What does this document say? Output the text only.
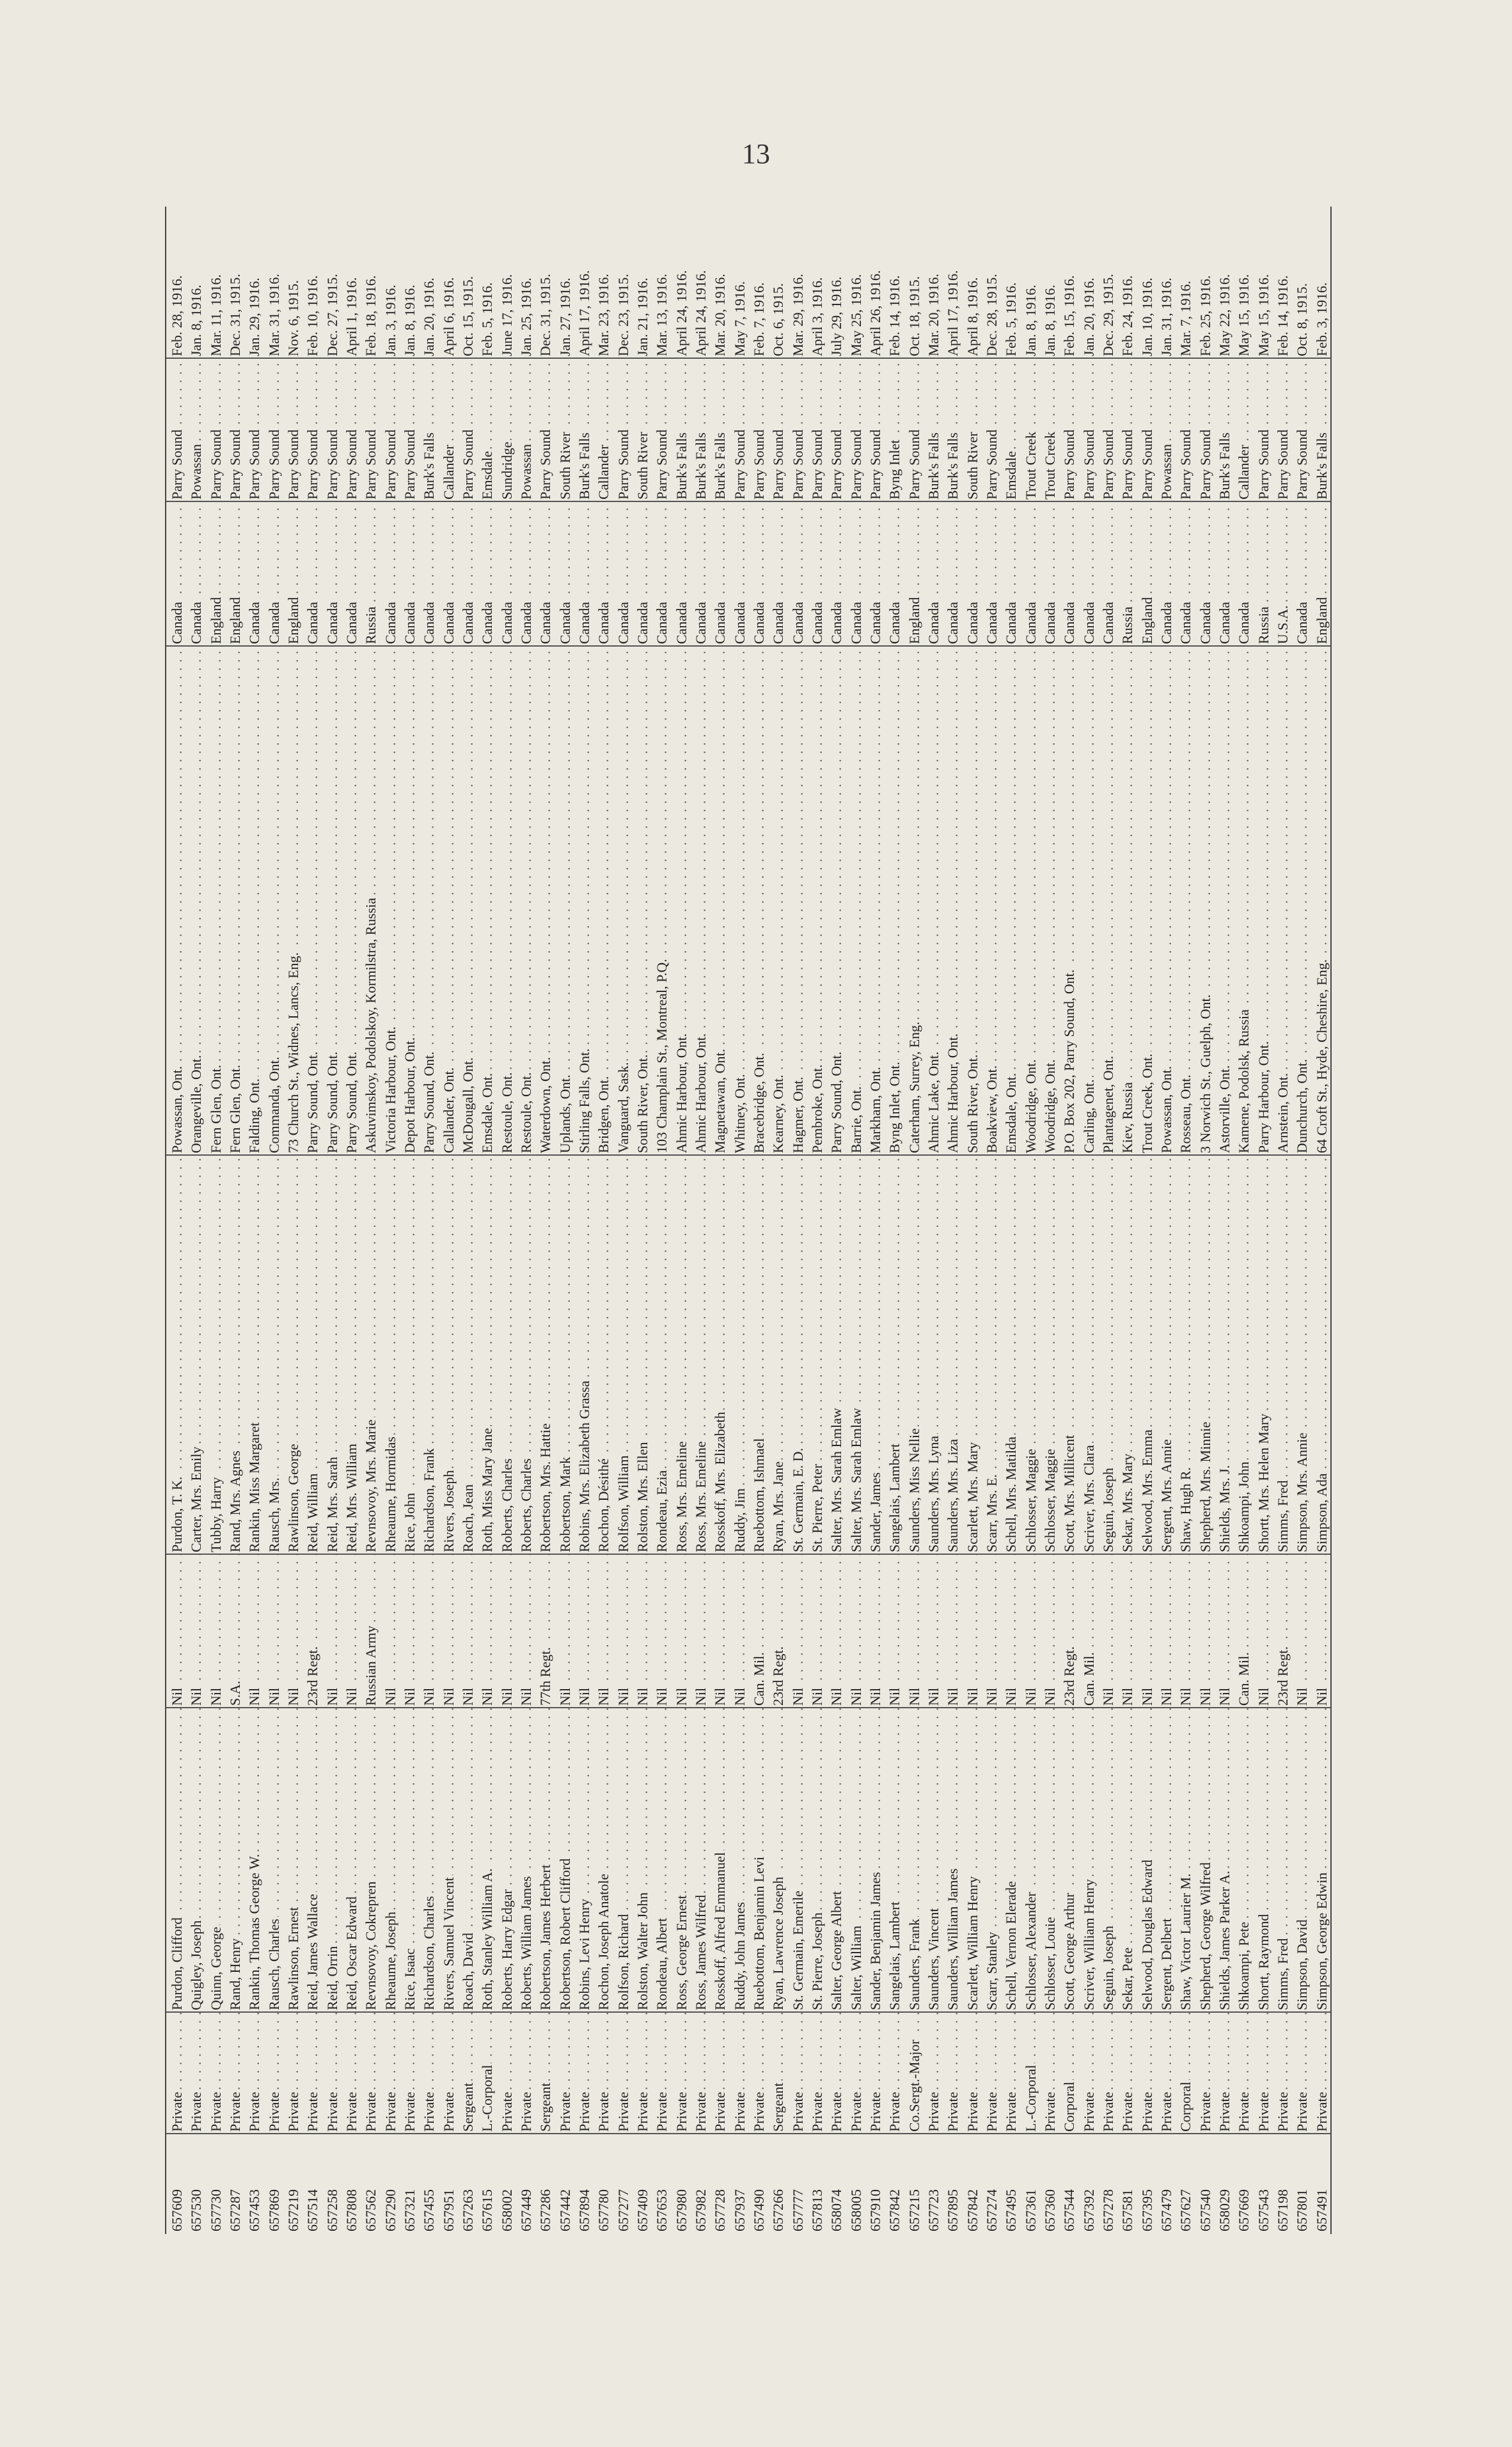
13
657609
Private . . .
Purdon, Clifford . . .
Nil . . .
Purdon, T. K. . . .
Powassan, Ont. . . .
Canada . . .
Parry Sound . . .
Feb. 28, 1916.
657530
Private . . .
Quigley, Joseph . . .
Nil . . .
Carter, Mrs. Emily . . .
Orangeville, Ont. . . .
Canada . . .
Powassan . . .
Jan. 8, 1916.
657730
Private . . .
Quinn, George . . .
Nil . . .
Tubby, Harry . . .
Fern Glen, Ont. . . .
England . . .
Parry Sound . . .
Mar. 11, 1916.
657287
Private . . .
Rand, Henry . . .
S.A. . . .
Rand, Mrs. Agnes . . .
Fern Glen, Ont. . . .
England . . .
Parry Sound . . .
Dec. 31, 1915.
657453
Private . . .
Rankin, Thomas George W. . . .
Nil . . .
Rankin, Miss Margaret . . .
Falding, Ont. . . .
Canada . . .
Parry Sound . . .
Jan. 29, 1916.
657869
Private . . .
Rausch, Charles . . .
Nil . . .
Rausch, Mrs. . . .
Commanda, Ont. . . .
Canada . . .
Parry Sound . . .
Mar. 31, 1916.
657219
Private . . .
Rawlinson, Ernest . . .
Nil . . .
Rawlinson, George . . .
73 Church St., Widnes, Lancs, Eng. . . .
England . . .
Parry Sound . . .
Nov. 6, 1915.
657514
Private . . .
Reid, James Wallace . . .
23rd Regt. . . .
Reid, William . . .
Parry Sound, Ont. . . .
Canada . . .
Parry Sound . . .
Feb. 10, 1916.
657258
Private . . .
Reid, Orrin . . .
Nil . . .
Reid, Mrs. Sarah . . .
Parry Sound, Ont. . . .
Canada . . .
Parry Sound . . .
Dec. 27, 1915.
657808
Private . . .
Reid, Oscar Edward . . .
Nil . . .
Reid, Mrs. William . . .
Parry Sound, Ont. . . .
Canada . . .
Parry Sound . . .
April 1, 1916.
657562
Private . . .
Revnsovoy, Cokrepren . . .
Russian Army . . .
Revnsovoy, Mrs. Marie . . .
Askuvimskoy, Podolskoy, Kormilstra, Russia . . .
Russia . . .
Parry Sound . . .
Feb. 18, 1916.
657290
Private . . .
Rheaume, Joseph . . .
Nil . . .
Rheaume, Hormidas . . .
Victoria Harbour, Ont. . . .
Canada . . .
Parry Sound . . .
Jan. 3, 1916.
657321
Private . . .
Rice, Isaac . . .
Nil . . .
Rice, John . . .
Depot Harbour, Ont. . . .
Canada . . .
Parry Sound . . .
Jan. 8, 1916.
657455
Private . . .
Richardson, Charles . . .
Nil . . .
Richardson, Frank . . .
Parry Sound, Ont. . . .
Canada . . .
Burk's Falls . . .
Jan. 20, 1916.
657951
Private . . .
Rivers, Samuel Vincent . . .
Nil . . .
Rivers, Joseph . . .
Callander, Ont. . . .
Canada . . .
Callander . . .
April 6, 1916.
657263
Sergeant . . .
Roach, David . . .
Nil . . .
Roach, Jean . . .
McDougall, Ont. . . .
Canada . . .
Parry Sound . . .
Oct. 15, 1915.
657615
L.-Corporal . . .
Roth, Stanley William A. . . .
Nil . . .
Roth, Miss Mary Jane . . .
Emsdale, Ont. . . .
Canada . . .
Emsdale . . .
Feb. 5, 1916.
658002
Private . . .
Roberts, Harry Edgar . . .
Nil . . .
Roberts, Charles . . .
Restoule, Ont. . . .
Canada . . .
Sundridge . . .
June 17, 1916.
657449
Private . . .
Roberts, William James . . .
Nil . . .
Roberts, Charles . . .
Restoule, Ont. . . .
Canada . . .
Powassan . . .
Jan. 25, 1916.
657286
Sergeant . . .
Robertson, James Herbert . . .
77th Regt. . . .
Robertson, Mrs. Hattie . . .
Waterdown, Ont. . . .
Canada . . .
Parry Sound . . .
Dec. 31, 1915.
657442
Private . . .
Robertson, Robert Clifford . . .
Nil . . .
Robertson, Mark . . .
Uplands, Ont. . . .
Canada . . .
South River . . .
Jan. 27, 1916.
657894
Private . . .
Robins, Levi Henry . . .
Nil . . .
Robins, Mrs. Elizabeth Grassa . . .
Stirling Falls, Ont. . . .
Canada . . .
Burk's Falls . . .
April 17, 1916.
657780
Private . . .
Rochon, Joseph Anatole . . .
Nil . . .
Rochon, Désithé . . .
Bridgen, Ont. . . .
Canada . . .
Callander . . .
Mar. 23, 1916.
657277
Private . . .
Rolfson, Richard . . .
Nil . . .
Rolfson, William . . .
Vanguard, Sask. . . .
Canada . . .
Parry Sound . . .
Dec. 23, 1915.
657409
Private . . .
Rolston, Walter John . . .
Nil . . .
Rolston, Mrs. Ellen . . .
South River, Ont. . . .
Canada . . .
South River . . .
Jan. 21, 1916.
657653
Private . . .
Rondeau, Albert . . .
Nil . . .
Rondeau, Ezia . . .
103 Champlain St., Montreal, P.Q. . . .
Canada . . .
Parry Sound . . .
Mar. 13, 1916.
657980
Private . . .
Ross, George Ernest . . .
Nil . . .
Ross, Mrs. Emeline . . .
Ahmic Harbour, Ont. . . .
Canada . . .
Burk's Falls . . .
April 24, 1916.
657982
Private . . .
Ross, James Wilfred . . .
Nil . . .
Ross, Mrs. Emeline . . .
Ahmic Harbour, Ont. . . .
Canada . . .
Burk's Falls . . .
April 24, 1916.
657728
Private . . .
Rosskoff, Alfred Emmanuel . . .
Nil . . .
Rosskoff, Mrs. Elizabeth . . .
Magnetawan, Ont. . . .
Canada . . .
Burk's Falls . . .
Mar. 20, 1916.
657937
Private . . .
Ruddy, John James . . .
Nil . . .
Ruddy, Jim . . .
Whitney, Ont. . . .
Canada . . .
Parry Sound . . .
May 7, 1916.
657490
Private . . .
Ruebottom, Benjamin Levi . . .
Can. Mil. . . .
Ruebottom, Ishmael . . .
Bracebridge, Ont. . . .
Canada . . .
Parry Sound . . .
Feb. 7, 1916.
657266
Sergeant . . .
Ryan, Lawrence Joseph . . .
23rd Regt. . . .
Ryan, Mrs. Jane . . .
Kearney, Ont. . . .
Canada . . .
Parry Sound . . .
Oct. 6, 1915.
657777
Private . . .
St. Germain, Emerile . . .
Nil . . .
St. Germain, E. D. . . .
Hagmer, Ont. . . .
Canada . . .
Parry Sound . . .
Mar. 29, 1916.
657813
Private . . .
St. Pierre, Joseph . . .
Nil . . .
St. Pierre, Peter . . .
Pembroke, Ont. . . .
Canada . . .
Parry Sound . . .
April 3, 1916.
658074
Private . . .
Salter, George Albert . . .
Nil . . .
Salter, Mrs. Sarah Emlaw . . .
Parry Sound, Ont. . . .
Canada . . .
Parry Sound . . .
July 29, 1916.
658005
Private . . .
Salter, William . . .
Nil . . .
Salter, Mrs. Sarah Emlaw . . .
Barrie, Ont. . . .
Canada . . .
Parry Sound . . .
May 25, 1916.
657910
Private . . .
Sander, Benjamin James . . .
Nil . . .
Sander, James . . .
Markham, Ont. . . .
Canada . . .
Parry Sound . . .
April 26, 1916.
657842
Private . . .
Sangelais, Lambert . . .
Nil . . .
Sangelais, Lambert . . .
Byng Inlet, Ont. . . .
Canada . . .
Byng Inlet . . .
Feb. 14, 1916.
657215
Co.Sergt.-Major . . .
Saunders, Frank . . .
Nil . . .
Saunders, Miss Nellie . . .
Caterham, Surrey, Eng. . . .
England . . .
Parry Sound . . .
Oct. 18, 1915.
657723
Private . . .
Saunders, Vincent . . .
Nil . . .
Saunders, Mrs. Lyna . . .
Ahmic Lake, Ont. . . .
Canada . . .
Burk's Falls . . .
Mar. 20, 1916.
657895
Private . . .
Saunders, William James . . .
Nil . . .
Saunders, Mrs. Liza . . .
Ahmic Harbour, Ont. . . .
Canada . . .
Burk's Falls . . .
April 17, 1916.
657842
Private . . .
Scarlett, William Henry . . .
Nil . . .
Scarlett, Mrs. Mary . . .
South River, Ont. . . .
Canada . . .
South River . . .
April 8, 1916.
657274
Private . . .
Scarr, Stanley . . .
Nil . . .
Scarr, Mrs. E. . . .
Boakview, Ont. . . .
Canada . . .
Parry Sound . . .
Dec. 28, 1915.
657495
Private . . .
Schell, Vernon Elerade . . .
Nil . . .
Schell, Mrs. Matilda . . .
Emsdale, Ont. . . .
Canada . . .
Emsdale . . .
Feb. 5, 1916.
657361
L.-Corporal . . .
Schlosser, Alexander . . .
Nil . . .
Schlosser, Maggie . . .
Woodridge, Ont. . . .
Canada . . .
Trout Creek . . .
Jan. 8, 1916.
657360
Private . . .
Schlosser, Louie . . .
Nil . . .
Schlosser, Maggie . . .
Woodridge, Ont. . . .
Canada . . .
Trout Creek . . .
Jan. 8, 1916.
657544
Corporal . . .
Scott, George Arthur . . .
23rd Regt. . . .
Scott, Mrs. Millicent . . .
P.O. Box 202, Parry Sound, Ont. . . .
Canada . . .
Parry Sound . . .
Feb. 15, 1916.
657392
Private . . .
Scriver, William Henry . . .
Can. Mil. . . .
Scriver, Mrs. Clara . . .
Carling, Ont. . . .
Canada . . .
Parry Sound . . .
Jan. 20, 1916.
657278
Private . . .
Seguin, Joseph . . .
Nil . . .
Seguin, Joseph . . .
Plantagenet, Ont. . . .
Canada . . .
Parry Sound . . .
Dec. 29, 1915.
657581
Private . . .
Sekar, Pete . . .
Nil . . .
Sekar, Mrs. Mary . . .
Kiev, Russia . . .
Russia . . .
Parry Sound . . .
Feb. 24, 1916.
657395
Private . . .
Selwood, Douglas Edward . . .
Nil . . .
Selwood, Mrs. Emma . . .
Trout Creek, Ont. . . .
England . . .
Parry Sound . . .
Jan. 10, 1916.
657479
Private . . .
Sergent, Delbert . . .
Nil . . .
Sergent, Mrs. Annie . . .
Powassan, Ont. . . .
Canada . . .
Powassan . . .
Jan. 31, 1916.
657627
Corporal . . .
Shaw, Victor Laurier M. . . .
Nil . . .
Shaw, Hugh R. . . .
Rosseau, Ont. . . .
Canada . . .
Parry Sound . . .
Mar. 7, 1916.
657540
Private . . .
Shepherd, George Wilfred . . .
Nil . . .
Shepherd, Mrs. Minnie . . .
3 Norwich St., Guelph, Ont. . . .
Canada . . .
Parry Sound . . .
Feb. 25, 1916.
658029
Private . . .
Shields, James Parker A. . . .
Nil . . .
Shields, Mrs. J. . . .
Astorville, Ont. . . .
Canada . . .
Burk's Falls . . .
May 22, 1916.
657669
Private . . .
Shkoampi, Pete . . .
Can. Mil. . . .
Shkoampi, John . . .
Kamene, Podolsk, Russia . . .
Canada . . .
Callander . . .
May 15, 1916.
657543
Private . . .
Shortt, Raymond . . .
Nil . . .
Shortt, Mrs. Helen Mary . . .
Parry Harbour, Ont. . . .
Russia . . .
Parry Sound . . .
May 15, 1916.
657198
Private . . .
Simms, Fred . . .
23rd Regt. . . .
Simms, Fred . . .
Arnstein, Ont. . . .
U.S.A. . . .
Parry Sound . . .
Feb. 14, 1916.
657801
Private . . .
Simpson, David . . .
Nil . . .
Simpson, Mrs. Annie . . .
Dunchurch, Ont. . . .
Canada . . .
Parry Sound . . .
Oct. 8, 1915.
657491
Private . . .
Simpson, George Edwin . . .
Nil . . .
Simpson, Ada . . .
64 Croft St., Hyde, Cheshire, Eng. . . .
England . . .
Burk's Falls . . .
Feb. 3, 1916.
